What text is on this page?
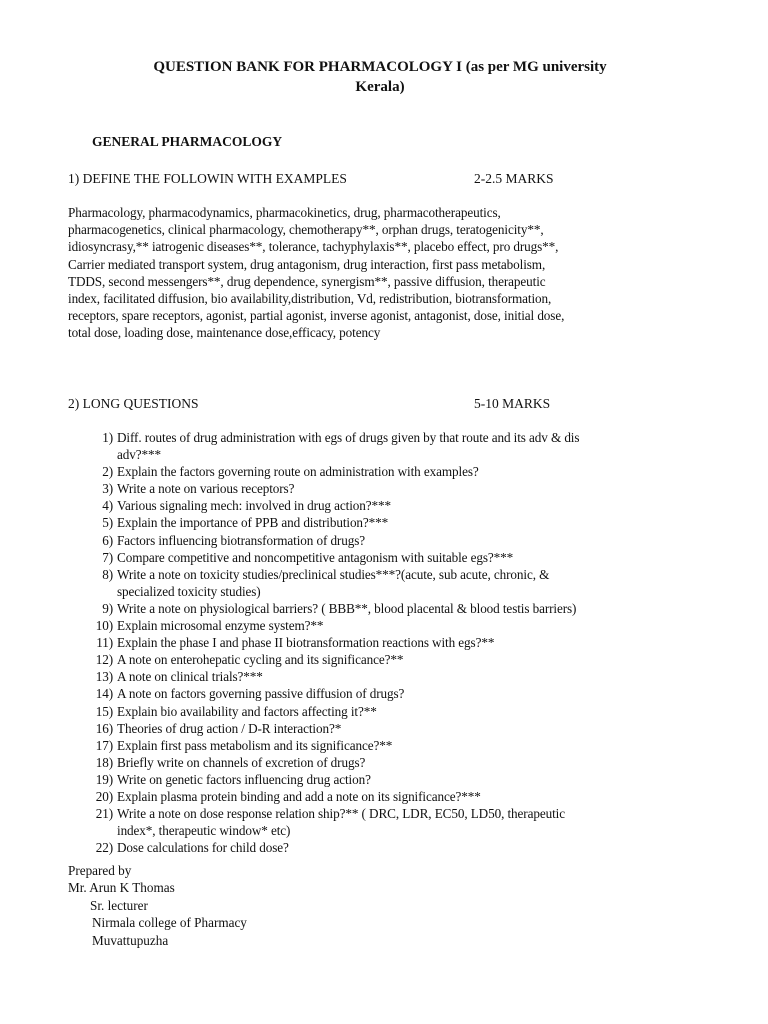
QUESTION BANK FOR PHARMACOLOGY I (as per MG university
Kerala)
GENERAL PHARMACOLOGY
1) DEFINE THE FOLLOWIN WITH EXAMPLES	2-2.5 MARKS
Pharmacology, pharmacodynamics, pharmacokinetics, drug, pharmacotherapeutics,
pharmacogenetics, clinical pharmacology, chemotherapy**, orphan drugs, teratogenicity**,
idiosyncrasy,** iatrogenic diseases**, tolerance, tachyphylaxis**, placebo effect, pro drugs**,
Carrier mediated transport system, drug antagonism, drug interaction, first pass metabolism,
TDDS, second messengers**, drug dependence, synergism**, passive diffusion, therapeutic
index, facilitated diffusion, bio availability,distribution, Vd, redistribution, biotransformation,
receptors, spare receptors, agonist, partial agonist, inverse agonist, antagonist, dose, initial dose,
total dose, loading dose, maintenance dose,efficacy, potency
2) LONG QUESTIONS	5-10 MARKS
1) Diff. routes of drug administration with egs of drugs given by that route and its adv & dis
adv?***
2) Explain the factors governing route on administration with examples?
3) Write a note on various receptors?
4) Various signaling mech: involved in drug action?***
5) Explain the importance of PPB and distribution?***
6) Factors influencing biotransformation of drugs?
7) Compare competitive and noncompetitive antagonism with suitable egs?***
8) Write a note on toxicity studies/preclinical studies***?(acute, sub acute, chronic, &
specialized toxicity studies)
9) Write a note on physiological barriers? ( BBB**, blood placental & blood testis barriers)
10) Explain microsomal enzyme system?**
11) Explain the phase I and phase II biotransformation reactions with egs?**
12) A note on enterohepatic cycling and its significance?**
13) A note on clinical trials?***
14) A note on factors governing passive diffusion of drugs?
15) Explain bio availability and factors affecting it?**
16) Theories of drug action / D-R interaction?*
17) Explain first pass metabolism and its significance?**
18) Briefly write on channels of excretion of drugs?
19) Write on genetic factors influencing drug action?
20) Explain plasma protein binding and add a note on its significance?***
21) Write a note on dose response relation ship?** ( DRC, LDR, EC50, LD50, therapeutic
index*, therapeutic window* etc)
22) Dose calculations for child dose?
Prepared by
Mr. Arun K Thomas
Sr. lecturer
Nirmala college of Pharmacy
Muvattupuzha
